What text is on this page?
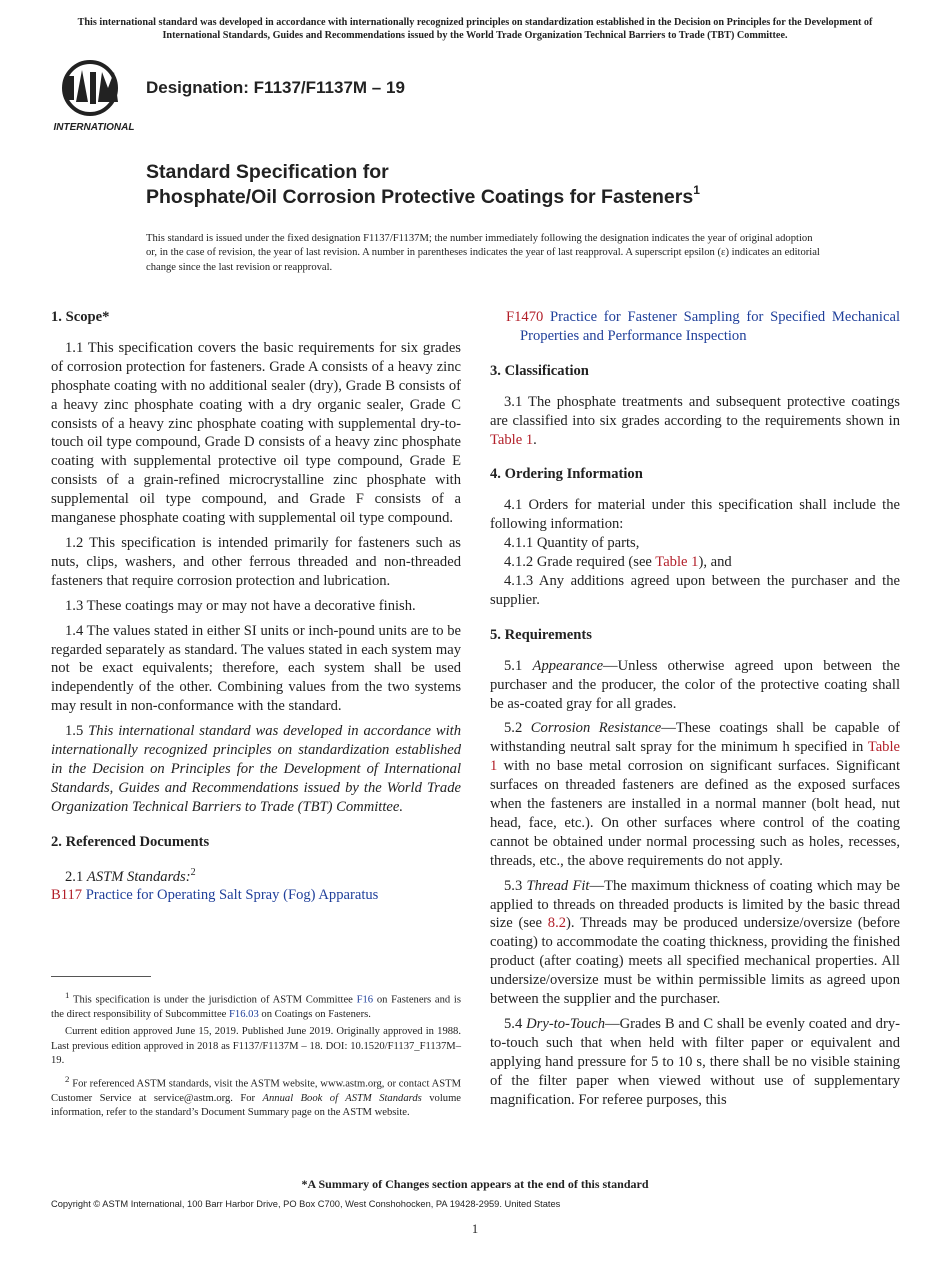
This international standard was developed in accordance with internationally recognized principles on standardization established in the Decision on Principles for the Development of International Standards, Guides and Recommendations issued by the World Trade Organization Technical Barriers to Trade (TBT) Committee.
INTERNATIONAL
Designation: F1137/F1137M – 19
Standard Specification for
Phosphate/Oil Corrosion Protective Coatings for Fasteners$^1$
This standard is issued under the fixed designation F1137/F1137M; the number immediately following the designation indicates the year of original adoption or, in the case of revision, the year of last revision. A number in parentheses indicates the year of last reapproval. A superscript epsilon (ε) indicates an editorial change since the last revision or reapproval.
1. Scope*

1.1 This specification covers the basic requirements for six grades of corrosion protection for fasteners. Grade A consists of a heavy zinc phosphate coating with no additional sealer (dry), Grade B consists of a heavy zinc phosphate coating with a dry organic sealer, Grade C consists of a heavy zinc phosphate coating with supplemental dry-to-touch oil type compound, Grade D consists of a heavy zinc phosphate coating with supplemental protective oil type compound, Grade E consists of a grain-refined microcrystalline zinc phosphate with supplemental oil type compound, and Grade F consists of a manganese phosphate coating with supplemental oil type compound.

1.2 This specification is intended primarily for fasteners such as nuts, clips, washers, and other ferrous threaded and non-threaded fasteners that require corrosion protection and lubrication.

1.3 These coatings may or may not have a decorative finish.

1.4 The values stated in either SI units or inch-pound units are to be regarded separately as standard. The values stated in each system may not be exact equivalents; therefore, each system shall be used independently of the other. Combining values from the two systems may result in non-conformance with the standard.

1.5 This international standard was developed in accordance with internationally recognized principles on standardization established in the Decision on Principles for the Development of International Standards, Guides and Recommendations issued by the World Trade Organization Technical Barriers to Trade (TBT) Committee.

2. Referenced Documents

2.1 ASTM Standards:$^2$

B117 Practice for Operating Salt Spray (Fog) Apparatus

F1470 Practice for Fastener Sampling for Specified Mechanical Properties and Performance Inspection
3. Classification

3.1 The phosphate treatments and subsequent protective coatings are classified into six grades according to the requirements shown in Table 1.

4. Ordering Information

4.1 Orders for material under this specification shall include the following information:

4.1.1 Quantity of parts,

4.1.2 Grade required (see Table 1), and

4.1.3 Any additions agreed upon between the purchaser and the supplier.

5. Requirements

5.1 Appearance—Unless otherwise agreed upon between the purchaser and the producer, the color of the protective coating shall be as-coated gray for all grades.

5.2 Corrosion Resistance—These coatings shall be capable of withstanding neutral salt spray for the minimum h specified in Table 1 with no base metal corrosion on significant surfaces. Significant surfaces on threaded fasteners are defined as the exposed surfaces when the fasteners are installed in a normal manner (bolt head, nut head, face, etc.). On other surfaces where control of the coating cannot be obtained under normal processing such as holes, recesses, threads, etc., the above requirements do not apply.

5.3 Thread Fit—The maximum thickness of coating which may be applied to threads on threaded products is limited by the basic thread size (see 8.2). Threads may be produced undersize/oversize (before coating) to accommodate the coating thickness, providing the finished product (after coating) meets all specified mechanical properties. All undersize/oversize must be within permissible limits as agreed upon between the supplier and the purchaser.

5.4 Dry-to-Touch—Grades B and C shall be evenly coated and dry-to-touch such that when held with filter paper or equivalent and applying hand pressure for 5 to 10 s, there shall be no visible staining of the filter paper when viewed without use of supplementary magnification. For referee purposes, this

$^1$ This specification is under the jurisdiction of ASTM Committee F16 on Fasteners and is the direct responsibility of Subcommittee F16.03 on Coatings on Fasteners.

Current edition approved June 15, 2019. Published June 2019. Originally approved in 1988. Last previous edition approved in 2018 as F1137/F1137M – 18. DOI: 10.1520/F1137_F1137M–19.

$^2$ For referenced ASTM standards, visit the ASTM website, www.astm.org, or contact ASTM Customer Service at service@astm.org. For Annual Book of ASTM Standards volume information, refer to the standard’s Document Summary page on the ASTM website.

*A Summary of Changes section appears at the end of this standard
Copyright © ASTM International, 100 Barr Harbor Drive, PO Box C700, West Conshohocken, PA 19428-2959. United States
1
